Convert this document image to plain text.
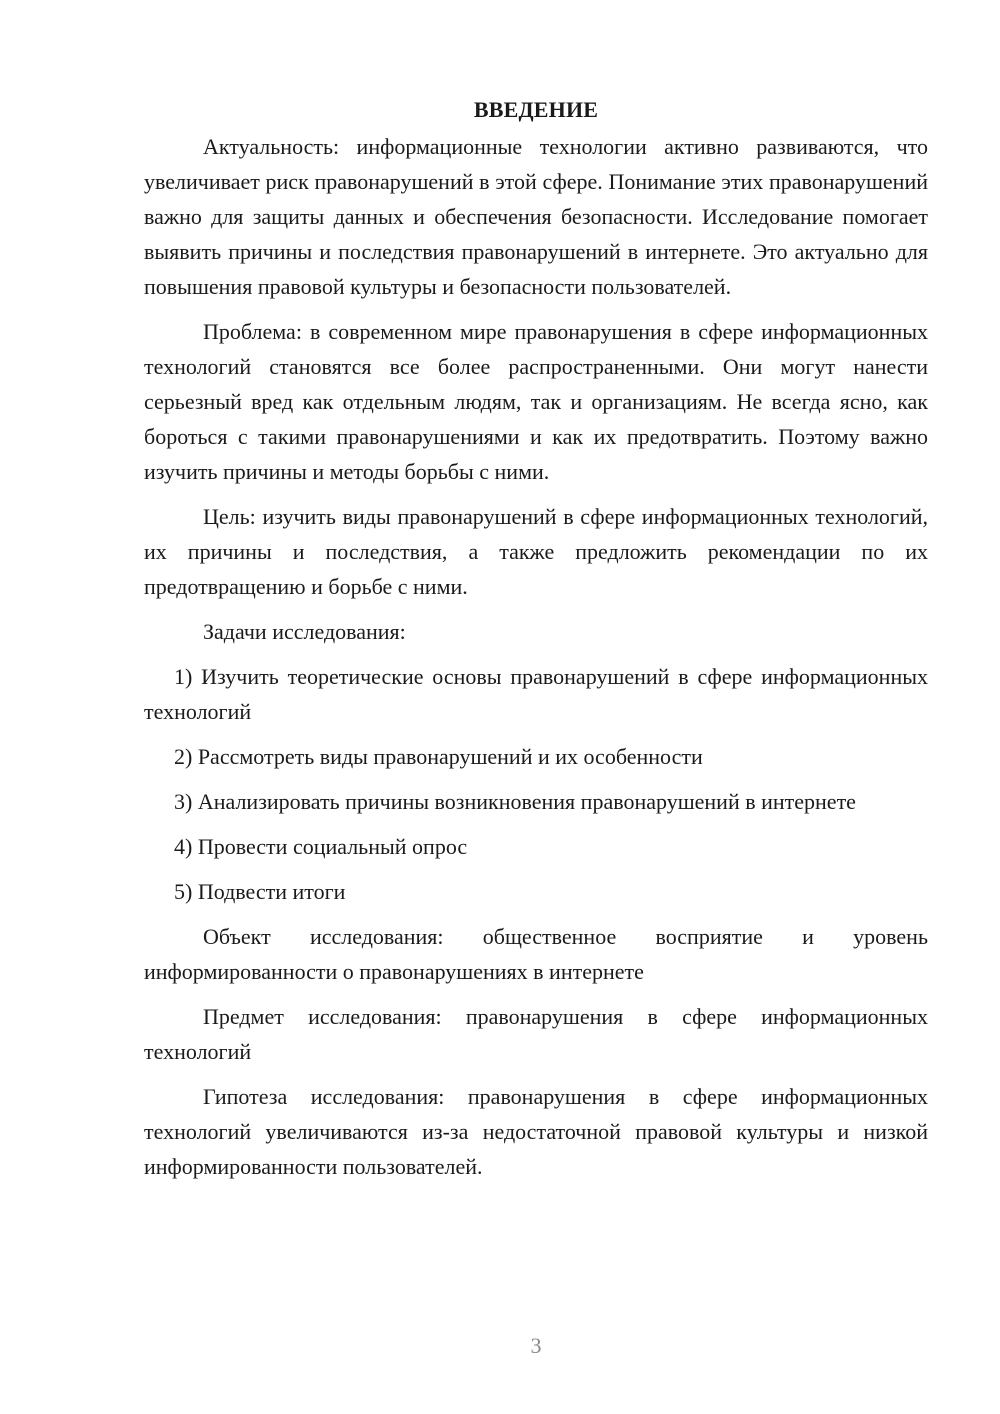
ВВЕДЕНИЕ

Актуальность: информационные технологии активно развиваются, что увеличивает риск правонарушений в этой сфере. Понимание этих правонарушений важно для защиты данных и обеспечения безопасности. Исследование помогает выявить причины и последствия правонарушений в интернете. Это актуально для повышения правовой культуры и безопасности пользователей.

Проблема: в современном мире правонарушения в сфере информационных технологий становятся все более распространенными. Они могут нанести серьезный вред как отдельным людям, так и организациям. Не всегда ясно, как бороться с такими правонарушениями и как их предотвратить. Поэтому важно изучить причины и методы борьбы с ними.

Цель: изучить виды правонарушений в сфере информационных технологий, их причины и последствия, а также предложить рекомендации по их предотвращению и борьбе с ними.

Задачи исследования:

1) Изучить теоретические основы правонарушений в сфере информационных технологий

2) Рассмотреть виды правонарушений и их особенности

3) Анализировать причины возникновения правонарушений в интернете

4) Провести социальный опрос

5) Подвести итоги

Объект исследования: общественное восприятие и уровень информированности о правонарушениях в интернете

Предмет исследования: правонарушения в сфере информационных технологий

Гипотеза исследования: правонарушения в сфере информационных технологий увеличиваются из-за недостаточной правовой культуры и низкой информированности пользователей.

3
